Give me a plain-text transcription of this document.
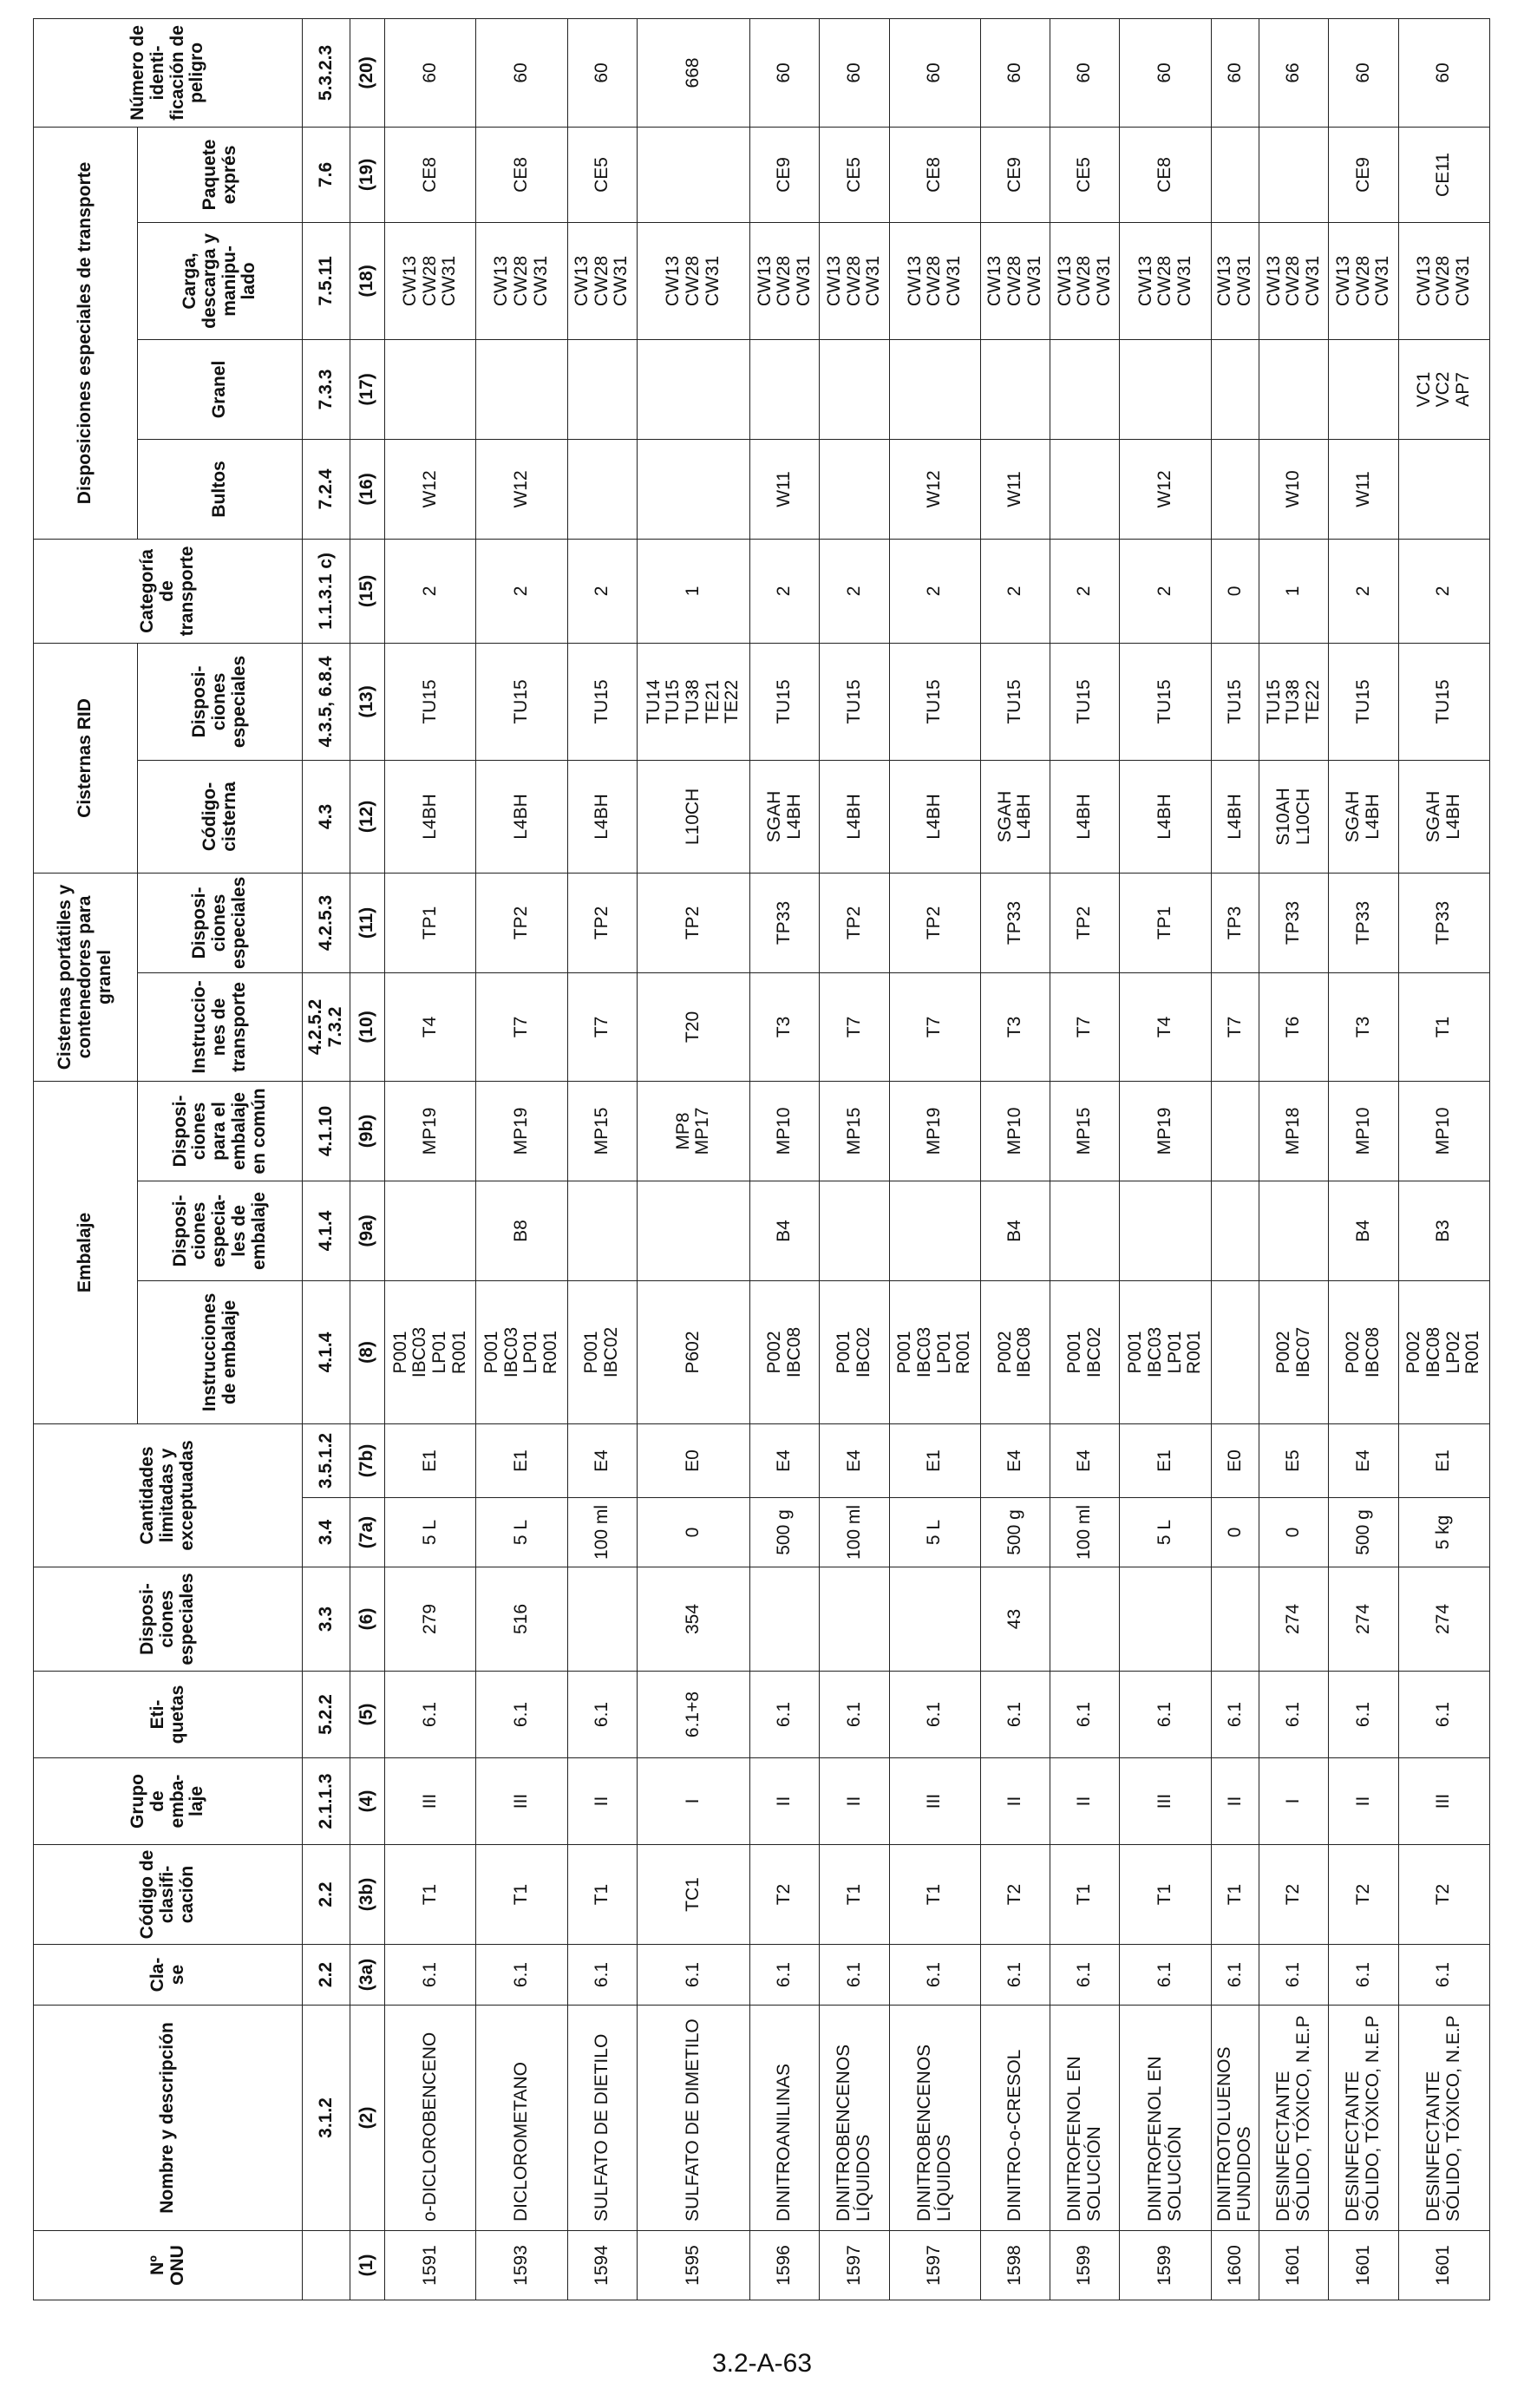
Nº ONU	Nombre y descripción	Cla- se	Código de clasifi- cación	Grupo de emba- laje	Eti- quetas	Disposi- ciones especiales	Cantidades limitadas y exceptuadas		Embalaje			Cisternas portátiles y contenedores para granel		Cisternas RID		Categoría de transporte	Disposiciones especiales de transporte				Número de identi- ficación de peligro
									Instrucciones de embalaje	Disposi- ciones especia- les de embalaje	Disposi- ciones para el embalaje en común	Instruccio- nes de transporte	Disposi- ciones especiales	Código- cisterna	Disposi- ciones especiales		Bultos	Granel	Carga, descarga y manipu- lado	Paquete exprés	
	3.1.2	2.2	2.2	2.1.1.3	5.2.2	3.3	3.4	3.5.1.2	4.1.4	4.1.4	4.1.10	4.2.5.2 7.3.2	4.2.5.3	4.3	4.3.5, 6.8.4	1.1.3.1 c)	7.2.4	7.3.3	7.5.11	7.6	5.3.2.3
(1)	(2)	(3a)	(3b)	(4)	(5)	(6)	(7a)	(7b)	(8)	(9a)	(9b)	(10)	(11)	(12)	(13)	(15)	(16)	(17)	(18)	(19)	(20)
1591	o-DICLOROBENCENO	6.1	T1	III	6.1	279	5 L	E1	P001
IBC03
LP01
R001		MP19	T4	TP1	L4BH	TU15	2	W12		CW13
CW28
CW31	CE8	60
1593	DICLOROMETANO	6.1	T1	III	6.1	516	5 L	E1	P001
IBC03
LP01
R001	B8	MP19	T7	TP2	L4BH	TU15	2	W12		CW13
CW28
CW31	CE8	60
1594	SULFATO DE DIETILO	6.1	T1	II	6.1		100 ml	E4	P001
IBC02		MP15	T7	TP2	L4BH	TU15	2			CW13
CW28
CW31	CE5	60
1595	SULFATO DE DIMETILO	6.1	TC1	I	6.1+8	354	0	E0	P602		MP8
MP17	T20	TP2	L10CH	TU14
TU15
TU38
TE21
TE22	1			CW13
CW28
CW31		668
1596	DINITROANILINAS	6.1	T2	II	6.1		500 g	E4	P002
IBC08	B4	MP10	T3	TP33	SGAH
L4BH	TU15	2	W11		CW13
CW28
CW31	CE9	60
1597	DINITROBENCENOS LÍQUIDOS	6.1	T1	II	6.1		100 ml	E4	P001
IBC02		MP15	T7	TP2	L4BH	TU15	2			CW13
CW28
CW31	CE5	60
1597	DINITROBENCENOS LÍQUIDOS	6.1	T1	III	6.1		5 L	E1	P001
IBC03
LP01
R001		MP19	T7	TP2	L4BH	TU15	2	W12		CW13
CW28
CW31	CE8	60
1598	DINITRO-o-CRESOL	6.1	T2	II	6.1	43	500 g	E4	P002
IBC08	B4	MP10	T3	TP33	SGAH
L4BH	TU15	2	W11		CW13
CW28
CW31	CE9	60
1599	DINITROFENOL EN SOLUCIÓN	6.1	T1	II	6.1		100 ml	E4	P001
IBC02		MP15	T7	TP2	L4BH	TU15	2			CW13
CW28
CW31	CE5	60
1599	DINITROFENOL EN SOLUCIÓN	6.1	T1	III	6.1		5 L	E1	P001
IBC03
LP01
R001		MP19	T4	TP1	L4BH	TU15	2	W12		CW13
CW28
CW31	CE8	60
1600	DINITROTOLUENOS FUNDIDOS	6.1	T1	II	6.1		0	E0				T7	TP3	L4BH	TU15	0			CW13
CW31		60
1601	DESINFECTANTE SÓLIDO, TÓXICO, N.E.P	6.1	T2	I	6.1	274	0	E5	P002
IBC07		MP18	T6	TP33	S10AH
L10CH	TU15
TU38
TE22	1	W10		CW13
CW28
CW31		66
1601	DESINFECTANTE SÓLIDO, TÓXICO, N.E.P	6.1	T2	II	6.1	274	500 g	E4	P002
IBC08	B4	MP10	T3	TP33	SGAH
L4BH	TU15	2	W11		CW13
CW28
CW31	CE9	60
1601	DESINFECTANTE SÓLIDO, TÓXICO, N.E.P	6.1	T2	III	6.1	274	5 kg	E1	P002
IBC08
LP02
R001	B3	MP10	T1	TP33	SGAH
L4BH	TU15	2		VC1
VC2
AP7	CW13
CW28
CW31	CE11	60
3.2-A-63
